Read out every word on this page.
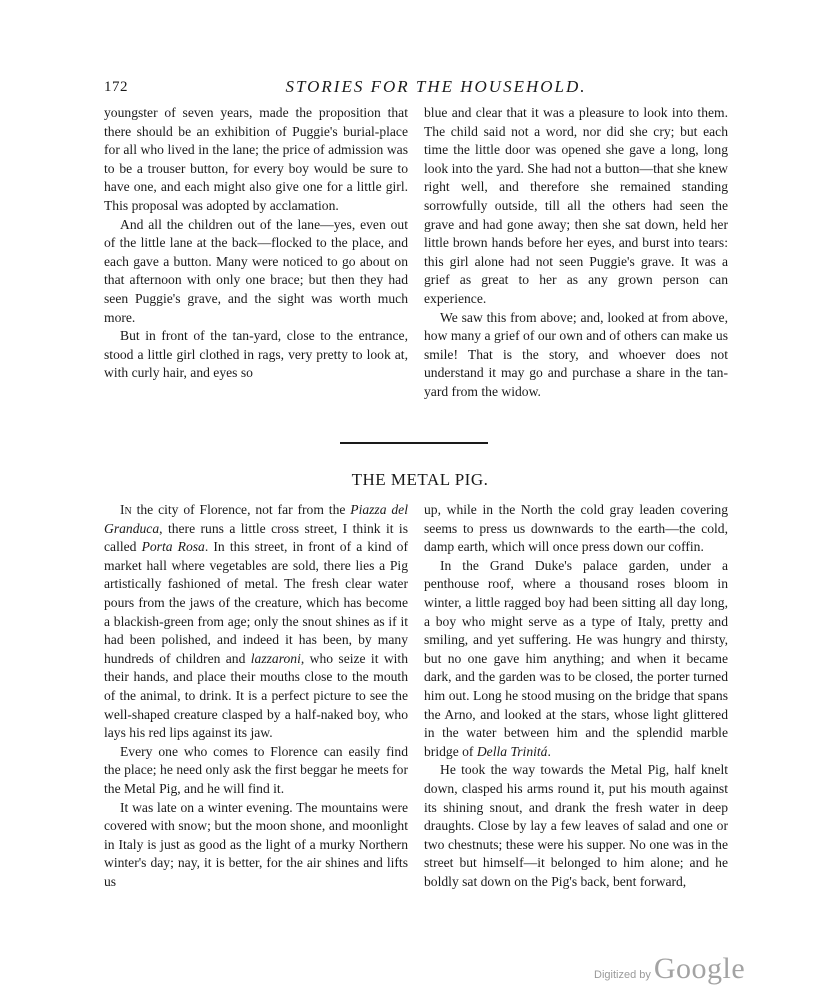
172	STORIES FOR THE HOUSEHOLD.

youngster of seven years, made the proposition that there should be an exhibition of Puggie's burial-place for all who lived in the lane; the price of admission was to be a trouser button, for every boy would be sure to have one, and each might also give one for a little girl. This proposal was adopted by acclamation.

And all the children out of the lane—yes, even out of the little lane at the back—flocked to the place, and each gave a button. Many were noticed to go about on that afternoon with only one brace; but then they had seen Puggie's grave, and the sight was worth much more.

But in front of the tan-yard, close to the entrance, stood a little girl clothed in rags, very pretty to look at, with curly hair, and eyes so

blue and clear that it was a pleasure to look into them. The child said not a word, nor did she cry; but each time the little door was opened she gave a long, long look into the yard. She had not a button—that she knew right well, and therefore she remained standing sorrowfully outside, till all the others had seen the grave and had gone away; then she sat down, held her little brown hands before her eyes, and burst into tears: this girl alone had not seen Puggie's grave. It was a grief as great to her as any grown person can experience.

We saw this from above; and, looked at from above, how many a grief of our own and of others can make us smile! That is the story, and whoever does not understand it may go and purchase a share in the tan-yard from the widow.

THE METAL PIG.

In the city of Florence, not far from the Piazza del Granduca, there runs a little cross street, I think it is called Porta Rosa. In this street, in front of a kind of market hall where vegetables are sold, there lies a Pig artistically fashioned of metal. The fresh clear water pours from the jaws of the creature, which has become a blackish-green from age; only the snout shines as if it had been polished, and indeed it has been, by many hundreds of children and lazzaroni, who seize it with their hands, and place their mouths close to the mouth of the animal, to drink. It is a perfect picture to see the well-shaped creature clasped by a half-naked boy, who lays his red lips against its jaw.

Every one who comes to Florence can easily find the place; he need only ask the first beggar he meets for the Metal Pig, and he will find it.

It was late on a winter evening. The mountains were covered with snow; but the moon shone, and moonlight in Italy is just as good as the light of a murky Northern winter's day; nay, it is better, for the air shines and lifts us

up, while in the North the cold gray leaden covering seems to press us downwards to the earth—the cold, damp earth, which will once press down our coffin.

In the Grand Duke's palace garden, under a penthouse roof, where a thousand roses bloom in winter, a little ragged boy had been sitting all day long, a boy who might serve as a type of Italy, pretty and smiling, and yet suffering. He was hungry and thirsty, but no one gave him anything; and when it became dark, and the garden was to be closed, the porter turned him out. Long he stood musing on the bridge that spans the Arno, and looked at the stars, whose light glittered in the water between him and the splendid marble bridge of Della Trinitá.

He took the way towards the Metal Pig, half knelt down, clasped his arms round it, put his mouth against its shining snout, and drank the fresh water in deep draughts. Close by lay a few leaves of salad and one or two chestnuts; these were his supper. No one was in the street but himself—it belonged to him alone; and he boldly sat down on the Pig's back, bent forward,

Digitized by Google
